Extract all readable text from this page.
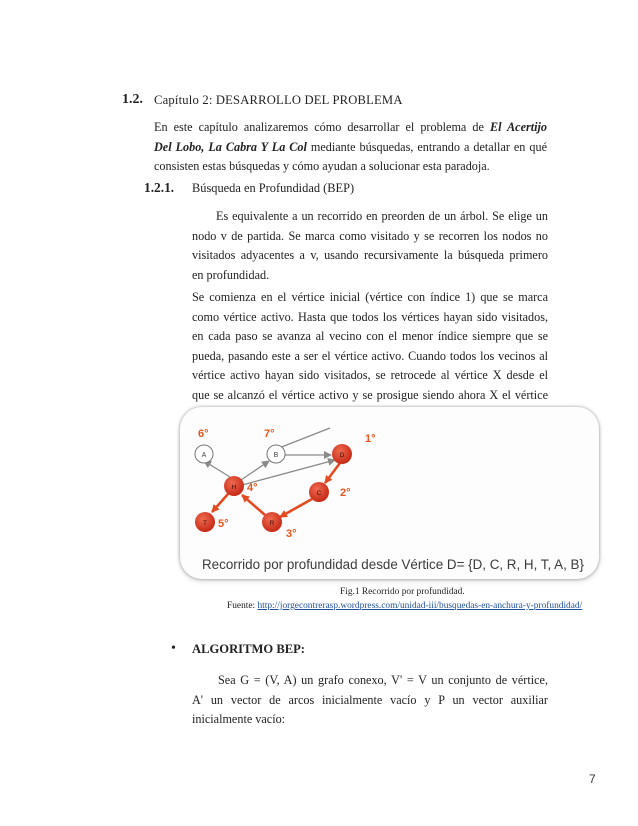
1.2. Capítulo 2: DESARROLLO DEL PROBLEMA
En este capítulo analizaremos cómo desarrollar el problema de El Acertijo
Del Lobo, La Cabra Y La Col mediante búsquedas, entrando a detallar en qué
consisten estas búsquedas y cómo ayudan a solucionar esta paradoja.
1.2.1. Búsqueda en Profundidad (BEP)
Es equivalente a un recorrido en preorden de un árbol. Se elige un
nodo v de partida. Se marca como visitado y se recorren los nodos no
visitados adyacentes a v, usando recursivamente la búsqueda primero
en profundidad.
Se comienza en el vértice inicial (vértice con índice 1) que se marca
como vértice activo. Hasta que todos los vértices hayan sido visitados,
en cada paso se avanza al vecino con el menor índice siempre que se
pueda, pasando este a ser el vértice activo. Cuando todos los vecinos al
vértice activo hayan sido visitados, se retrocede al vértice X desde el
que se alcanzó el vértice activo y se prosigue siendo ahora X el vértice
A	B	D
C
H
R
T
1°
2°
3°
4°
5°
6°	7°
Recorrido por profundidad desde Vértice D= {D, C, R, H, T, A, B}
Fig.1 Recorrido por profundidad.
Fuente: http://jorgecontrerasp.wordpress.com/unidad-iii/busquedas-en-anchura-y-profundidad/
• ALGORITMO BEP:
Sea G = (V, A) un grafo conexo, V' = V un conjunto de vértice,
A' un vector de arcos inicialmente vacío y P un vector auxiliar
inicialmente vacío:
7
